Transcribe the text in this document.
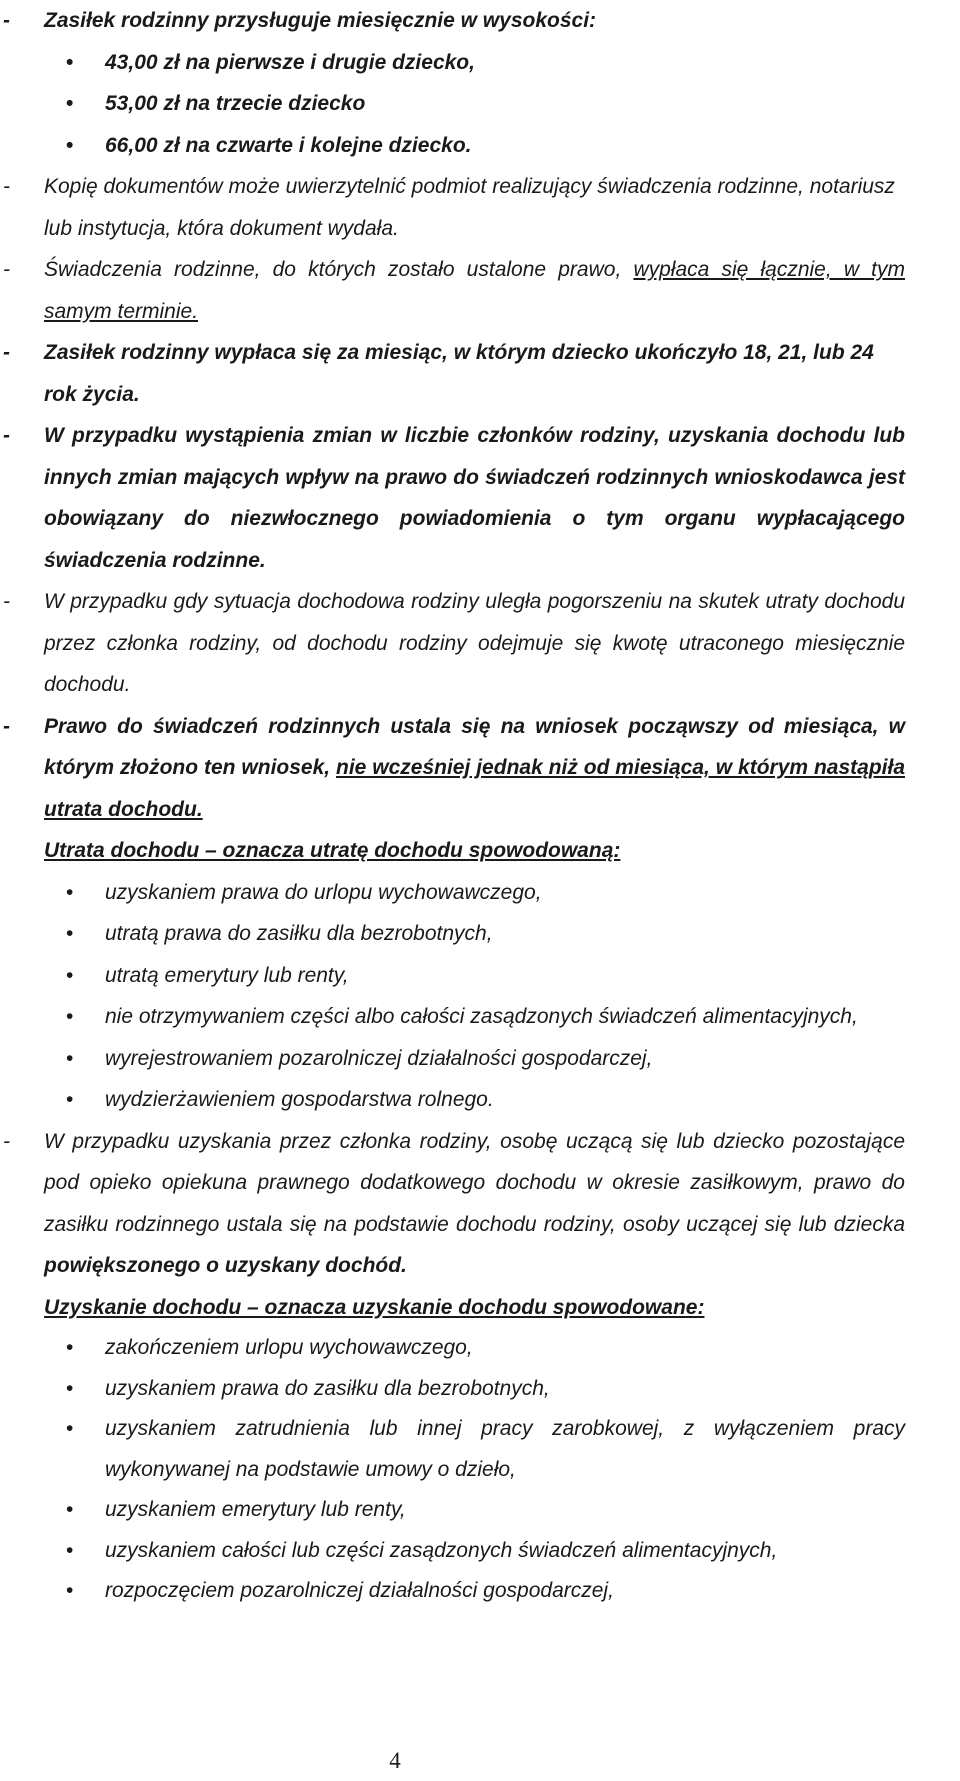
- Zasiłek rodzinny przysługuje miesięcznie w wysokości:

• 43,00 zł na pierwsze i drugie dziecko,
• 53,00 zł na trzecie dziecko
• 66,00 zł na czwarte i kolejne dziecko.

- Kopię dokumentów może uwierzytelnić podmiot realizujący świadczenia rodzinne, notariusz lub instytucja, która dokument wydała.

- Świadczenia rodzinne, do których zostało ustalone prawo, wypłaca się łącznie, w tym samym terminie.

- Zasiłek rodzinny wypłaca się za miesiąc, w którym dziecko ukończyło 18, 21, lub 24 rok życia.

- W przypadku wystąpienia zmian w liczbie członków rodziny, uzyskania dochodu lub innych zmian mających wpływ na prawo do świadczeń rodzinnych wnioskodawca jest obowiązany do niezwłocznego powiadomienia o tym organu wypłacającego świadczenia rodzinne.

- W przypadku gdy sytuacja dochodowa rodziny uległa pogorszeniu na skutek utraty dochodu przez członka rodziny, od dochodu rodziny odejmuje się kwotę utraconego miesięcznie dochodu.

- Prawo do świadczeń rodzinnych ustala się na wniosek począwszy od miesiąca, w którym złożono ten wniosek, nie wcześniej jednak niż od miesiąca, w którym nastąpiła utrata dochodu.

Utrata dochodu – oznacza utratę dochodu spowodowaną:

• uzyskaniem prawa do urlopu wychowawczego,
• utratą prawa do zasiłku dla bezrobotnych,
• utratą emerytury lub renty,
• nie otrzymywaniem części albo całości zasądzonych świadczeń alimentacyjnych,
• wyrejestrowaniem pozarolniczej działalności gospodarczej,
• wydzierżawieniem gospodarstwa rolnego.

- W przypadku uzyskania przez członka rodziny, osobę uczącą się lub dziecko pozostające pod opieko opiekuna prawnego dodatkowego dochodu w okresie zasiłkowym, prawo do zasiłku rodzinnego ustala się na podstawie dochodu rodziny, osoby uczącej się lub dziecka powiększonego o uzyskany dochód.

Uzyskanie dochodu – oznacza uzyskanie dochodu spowodowane:

• zakończeniem urlopu wychowawczego,
• uzyskaniem prawa do zasiłku dla bezrobotnych,
• uzyskaniem zatrudnienia lub innej pracy zarobkowej, z wyłączeniem pracy wykonywanej na podstawie umowy o dzieło,
• uzyskaniem emerytury lub renty,
• uzyskaniem całości lub części zasądzonych świadczeń alimentacyjnych,
• rozpoczęciem pozarolniczej działalności gospodarczej,
4
